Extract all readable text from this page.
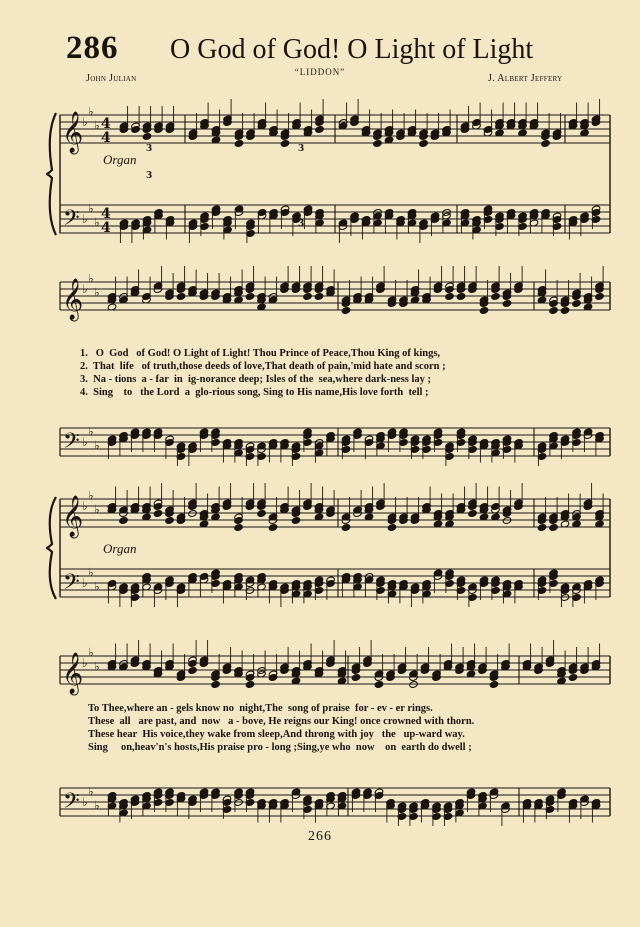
286 O God of God! O Light of Light
“LIDDON”
John Julian	J. Albert Jeffery
𝄞
𝄢
♭
♭
♭
♭
♭
♭
4
4
4
4
3	3
3
3
𝄞
♭
♭
♭
𝄢 ♭
♭
♭
𝄞
𝄢
♭
♭
♭
♭
♭
♭
𝄞
♭
♭
♭
𝄢 ♭
♭
♭
Organ
Organ
1.   O  God   of God! O Light of Light! Thou Prince of Peace,Thou King of kings,
2.  That  life   of truth,those deeds of love,That death of pain,'mid hate and scorn ;
3.  Na - tions  a - far  in  ig-norance deep; Isles of the  sea,where dark-ness lay ;
4.  Sing    to   the Lord  a  glo-rious song, Sing to His name,His love forth  tell ;
To Thee,where an - gels know no  night,The  song of praise  for - ev - er rings.
These  all   are past, and  now   a - bove, He reigns our King! once crowned with thorn.
These hear  His voice,they wake from sleep,And throng with joy   the   up-ward way.
Sing     on,heav'n's hosts,His praise pro - long ;Sing,ye who  now    on  earth do dwell ;
266
